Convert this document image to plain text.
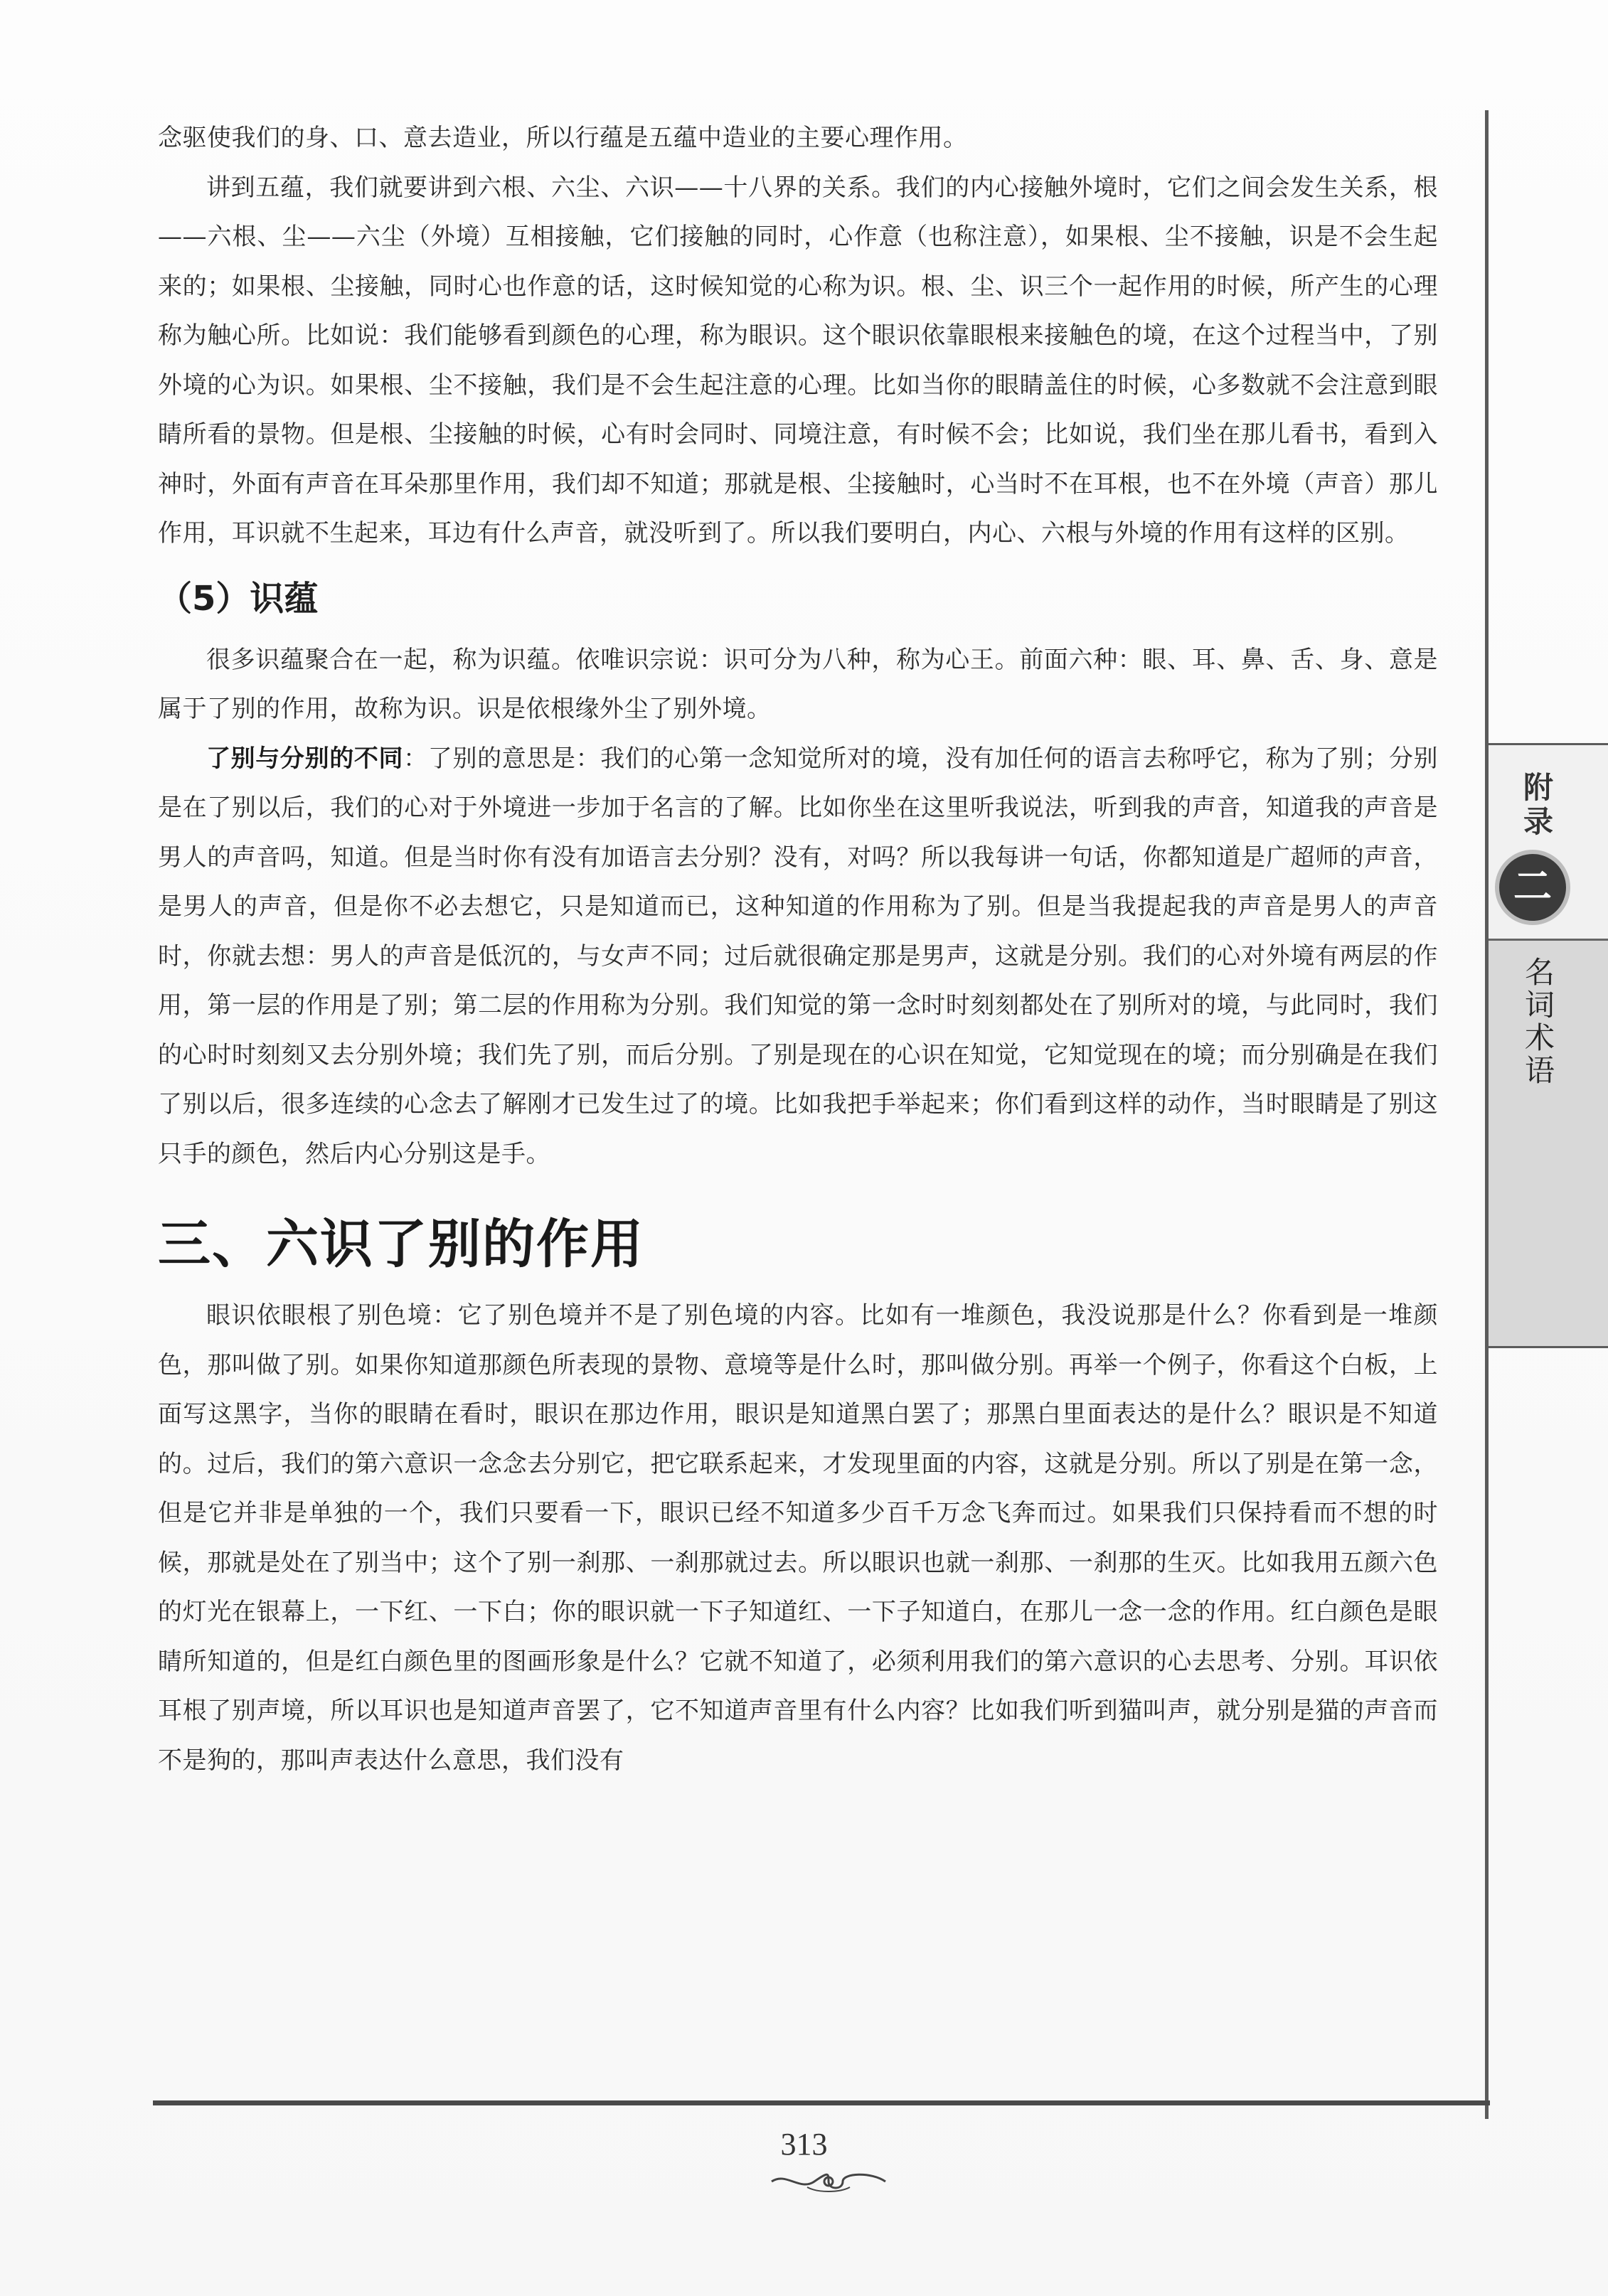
附录
二
名词术语

念驱使我们的身、口、意去造业，所以行蕴是五蕴中造业的主要心理作用。

讲到五蕴，我们就要讲到六根、六尘、六识——十八界的关系。我们的内心接触外境时，它们之间会发生关系，根——六根、尘——六尘（外境）互相接触，它们接触的同时，心作意（也称注意），如果根、尘不接触，识是不会生起来的；如果根、尘接触，同时心也作意的话，这时候知觉的心称为识。根、尘、识三个一起作用的时候，所产生的心理称为触心所。比如说：我们能够看到颜色的心理，称为眼识。这个眼识依靠眼根来接触色的境，在这个过程当中，了别外境的心为识。如果根、尘不接触，我们是不会生起注意的心理。比如当你的眼睛盖住的时候，心多数就不会注意到眼睛所看的景物。但是根、尘接触的时候，心有时会同时、同境注意，有时候不会；比如说，我们坐在那儿看书，看到入神时，外面有声音在耳朵那里作用，我们却不知道；那就是根、尘接触时，心当时不在耳根，也不在外境（声音）那儿作用，耳识就不生起来，耳边有什么声音，就没听到了。所以我们要明白，内心、六根与外境的作用有这样的区别。

（5）识蕴

很多识蕴聚合在一起，称为识蕴。依唯识宗说：识可分为八种，称为心王。前面六种：眼、耳、鼻、舌、身、意是属于了别的作用，故称为识。识是依根缘外尘了别外境。

了别与分别的不同：了别的意思是：我们的心第一念知觉所对的境，没有加任何的语言去称呼它，称为了别；分别是在了别以后，我们的心对于外境进一步加于名言的了解。比如你坐在这里听我说法，听到我的声音，知道我的声音是男人的声音吗，知道。但是当时你有没有加语言去分别？没有，对吗？所以我每讲一句话，你都知道是广超师的声音，是男人的声音，但是你不必去想它，只是知道而已，这种知道的作用称为了别。但是当我提起我的声音是男人的声音时，你就去想：男人的声音是低沉的，与女声不同；过后就很确定那是男声，这就是分别。我们的心对外境有两层的作用，第一层的作用是了别；第二层的作用称为分别。我们知觉的第一念时时刻刻都处在了别所对的境，与此同时，我们的心时时刻刻又去分别外境；我们先了别，而后分别。了别是现在的心识在知觉，它知觉现在的境；而分别确是在我们了别以后，很多连续的心念去了解刚才已发生过了的境。比如我把手举起来；你们看到这样的动作，当时眼睛是了别这只手的颜色，然后内心分别这是手。

三、六识了别的作用

眼识依眼根了别色境：它了别色境并不是了别色境的内容。比如有一堆颜色，我没说那是什么？你看到是一堆颜色，那叫做了别。如果你知道那颜色所表现的景物、意境等是什么时，那叫做分别。再举一个例子，你看这个白板，上面写这黑字，当你的眼睛在看时，眼识在那边作用，眼识是知道黑白罢了；那黑白里面表达的是什么？眼识是不知道的。过后，我们的第六意识一念念去分别它，把它联系起来，才发现里面的内容，这就是分别。所以了别是在第一念，但是它并非是单独的一个，我们只要看一下，眼识已经不知道多少百千万念飞奔而过。如果我们只保持看而不想的时候，那就是处在了别当中；这个了别一刹那、一刹那就过去。所以眼识也就一刹那、一刹那的生灭。比如我用五颜六色的灯光在银幕上，一下红、一下白；你的眼识就一下子知道红、一下子知道白，在那儿一念一念的作用。红白颜色是眼睛所知道的，但是红白颜色里的图画形象是什么？它就不知道了，必须利用我们的第六意识的心去思考、分别。耳识依耳根了别声境，所以耳识也是知道声音罢了，它不知道声音里有什么内容？比如我们听到猫叫声，就分别是猫的声音而不是狗的，那叫声表达什么意思，我们没有

313
